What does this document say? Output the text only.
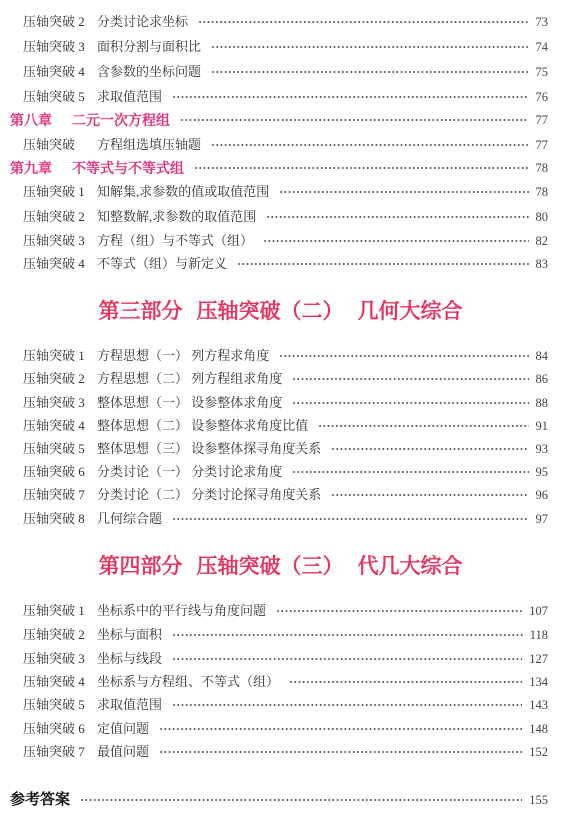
压轴突破 2 分类讨论求坐标	73
压轴突破 3 面积分割与面积比	74
压轴突破 4 含参数的坐标问题	75
压轴突破 5 求取值范围	76
第八章	二元一次方程组	77
压轴突破	方程组选填压轴题	77
第九章	不等式与不等式组	78
压轴突破 1 知解集,求参数的值或取值范围	78
压轴突破 2 知整数解,求参数的取值范围	80
压轴突破 3 方程（组）与不等式（组）	82
压轴突破 4 不等式（组）与新定义	83
第三部分 压轴突破（二） 几何大综合
压轴突破 1 方程思想（一） 列方程求角度	84
压轴突破 2 方程思想（二） 列方程组求角度	86
压轴突破 3 整体思想（一） 设参整体求角度	88
压轴突破 4 整体思想（二） 设参整体求角度比值	91
压轴突破 5 整体思想（三） 设参整体探寻角度关系	93
压轴突破 6 分类讨论（一） 分类讨论求角度	95
压轴突破 7 分类讨论（二） 分类讨论探寻角度关系	96
压轴突破 8 几何综合题	97
第四部分 压轴突破（三） 代几大综合
压轴突破 1 坐标系中的平行线与角度问题	107
压轴突破 2 坐标与面积	118
压轴突破 3 坐标与线段	127
压轴突破 4 坐标系与方程组、不等式（组）	134
压轴突破 5 求取值范围	143
压轴突破 6 定值问题	148
压轴突破 7 最值问题	152
参考答案	155
